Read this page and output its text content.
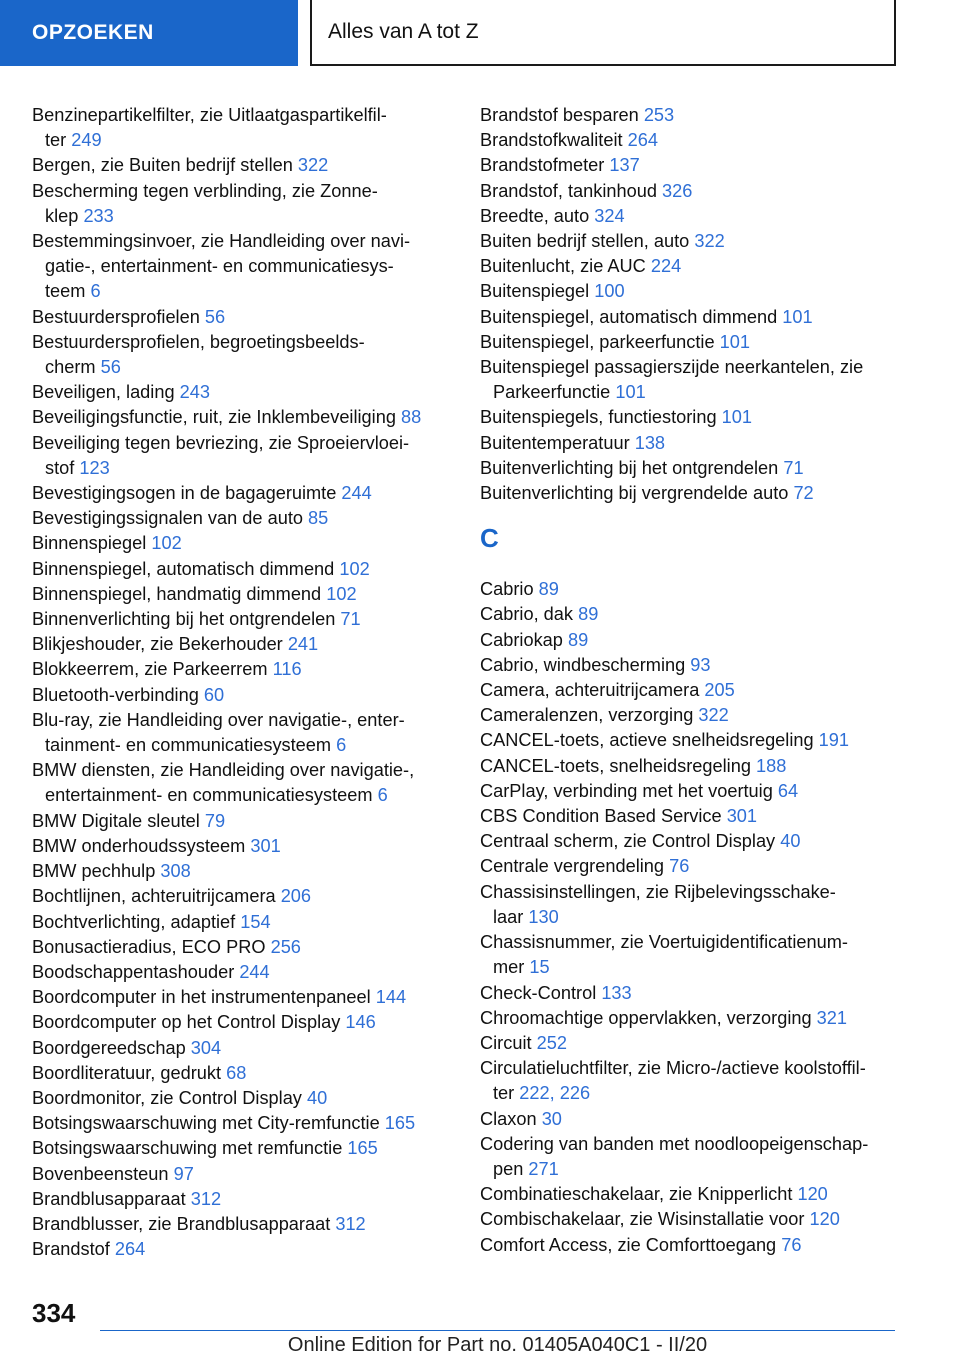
OPZOEKEN	Alles van A tot Z
Benzinepartikelfilter, zie Uitlaatgaspartikelfil-
ter 249
Bergen, zie Buiten bedrijf stellen 322
Bescherming tegen verblinding, zie Zonne-
klep 233
Bestemmingsinvoer, zie Handleiding over navi-
gatie-, entertainment- en communicatiesys-
teem 6
Bestuurdersprofielen 56
Bestuurdersprofielen, begroetingsbeelds-
cherm 56
Beveiligen, lading 243
Beveiligingsfunctie, ruit, zie Inklembeveiliging 88
Beveiliging tegen bevriezing, zie Sproeiervloei-
stof 123
Bevestigingsogen in de bagageruimte 244
Bevestigingssignalen van de auto 85
Binnenspiegel 102
Binnenspiegel, automatisch dimmend 102
Binnenspiegel, handmatig dimmend 102
Binnenverlichting bij het ontgrendelen 71
Blikjeshouder, zie Bekerhouder 241
Blokkeerrem, zie Parkeerrem 116
Bluetooth-verbinding 60
Blu-ray, zie Handleiding over navigatie-, enter-
tainment- en communicatiesysteem 6
BMW diensten, zie Handleiding over navigatie-,
entertainment- en communicatiesysteem 6
BMW Digitale sleutel 79
BMW onderhoudssysteem 301
BMW pechhulp 308
Bochtlijnen, achteruitrijcamera 206
Bochtverlichting, adaptief 154
Bonusactieradius, ECO PRO 256
Boodschappentashouder 244
Boordcomputer in het instrumentenpaneel 144
Boordcomputer op het Control Display 146
Boordgereedschap 304
Boordliteratuur, gedrukt 68
Boordmonitor, zie Control Display 40
Botsingswaarschuwing met City-remfunctie 165
Botsingswaarschuwing met remfunctie 165
Bovenbeensteun 97
Brandblusapparaat 312
Brandblusser, zie Brandblusapparaat 312
Brandstof 264
Brandstof besparen 253
Brandstofkwaliteit 264
Brandstofmeter 137
Brandstof, tankinhoud 326
Breedte, auto 324
Buiten bedrijf stellen, auto 322
Buitenlucht, zie AUC 224
Buitenspiegel 100
Buitenspiegel, automatisch dimmend 101
Buitenspiegel, parkeerfunctie 101
Buitenspiegel passagierszijde neerkantelen, zie
Parkeerfunctie 101
Buitenspiegels, functiestoring 101
Buitentemperatuur 138
Buitenverlichting bij het ontgrendelen 71
Buitenverlichting bij vergrendelde auto 72
C
Cabrio 89
Cabrio, dak 89
Cabriokap 89
Cabrio, windbescherming 93
Camera, achteruitrijcamera 205
Cameralenzen, verzorging 322
CANCEL-toets, actieve snelheidsregeling 191
CANCEL-toets, snelheidsregeling 188
CarPlay, verbinding met het voertuig 64
CBS Condition Based Service 301
Centraal scherm, zie Control Display 40
Centrale vergrendeling 76
Chassisinstellingen, zie Rijbelevingsschake-
laar 130
Chassisnummer, zie Voertuigidentificatienum-
mer 15
Check-Control 133
Chroomachtige oppervlakken, verzorging 321
Circuit 252
Circulatieluchtfilter, zie Micro-/actieve koolstoffil-
ter 222, 226
Claxon 30
Codering van banden met noodloopeigenschap-
pen 271
Combinatieschakelaar, zie Knipperlicht 120
Combischakelaar, zie Wisinstallatie voor 120
Comfort Access, zie Comforttoegang 76
334
Online Edition for Part no. 01405A040C1 - II/20
